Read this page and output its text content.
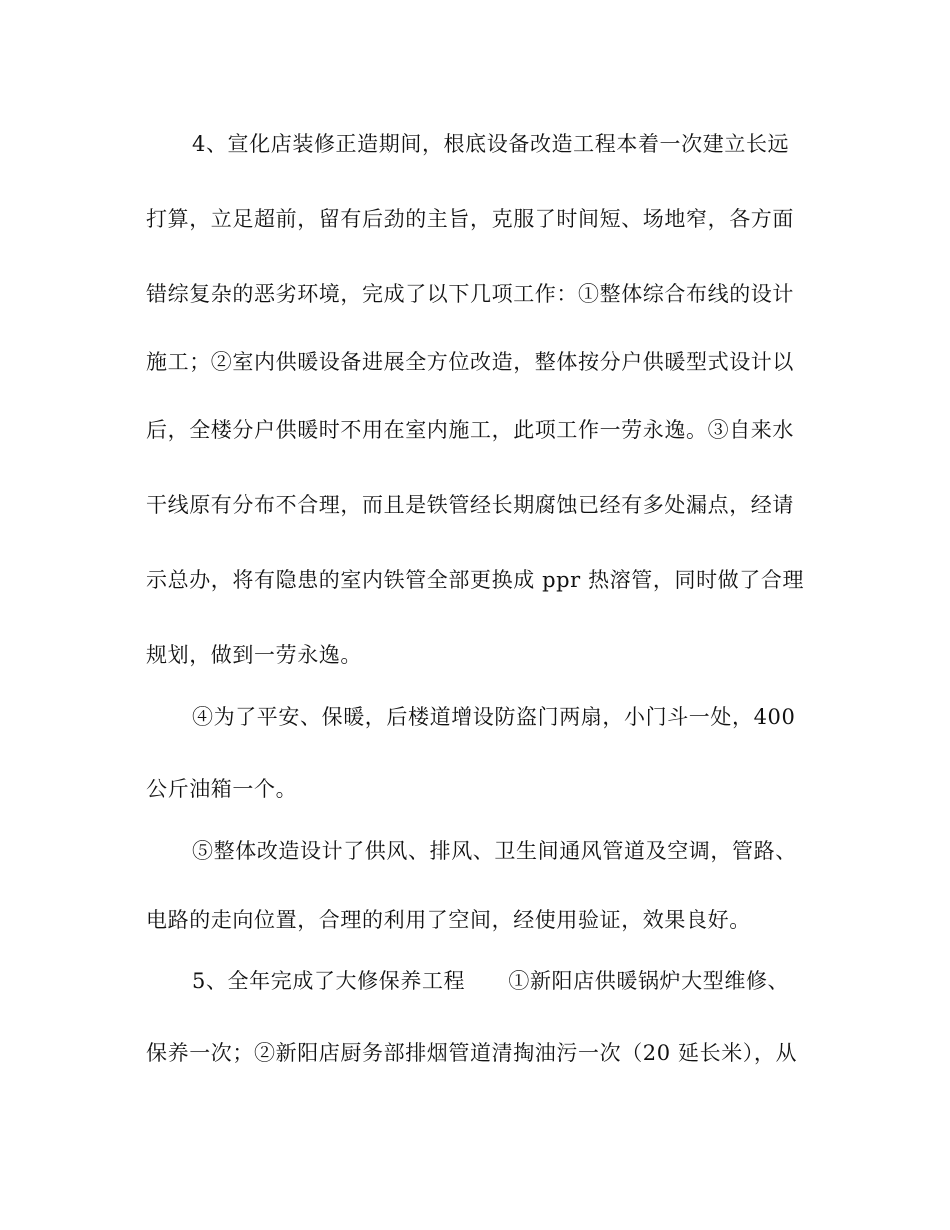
4、宣化店装修正造期间，根底设备改造工程本着一次建立长远
打算，立足超前，留有后劲的主旨，克服了时间短、场地窄，各方面
错综复杂的恶劣环境，完成了以下几项工作：①整体综合布线的设计
施工；②室内供暖设备进展全方位改造，整体按分户供暖型式设计以
后，全楼分户供暖时不用在室内施工，此项工作一劳永逸。③自来水
干线原有分布不合理，而且是铁管经长期腐蚀已经有多处漏点，经请
示总办，将有隐患的室内铁管全部更换成 ppr 热溶管，同时做了合理
规划，做到一劳永逸。
④为了平安、保暖，后楼道增设防盗门两扇，小门斗一处，400
公斤油箱一个。
⑤整体改造设计了供风、排风、卫生间通风管道及空调，管路、
电路的走向位置，合理的利用了空间，经使用验证，效果良好。
5、全年完成了大修保养工程　　①新阳店供暖锅炉大型维修、
保养一次；②新阳店厨务部排烟管道清掏油污一次（20 延长米），从
